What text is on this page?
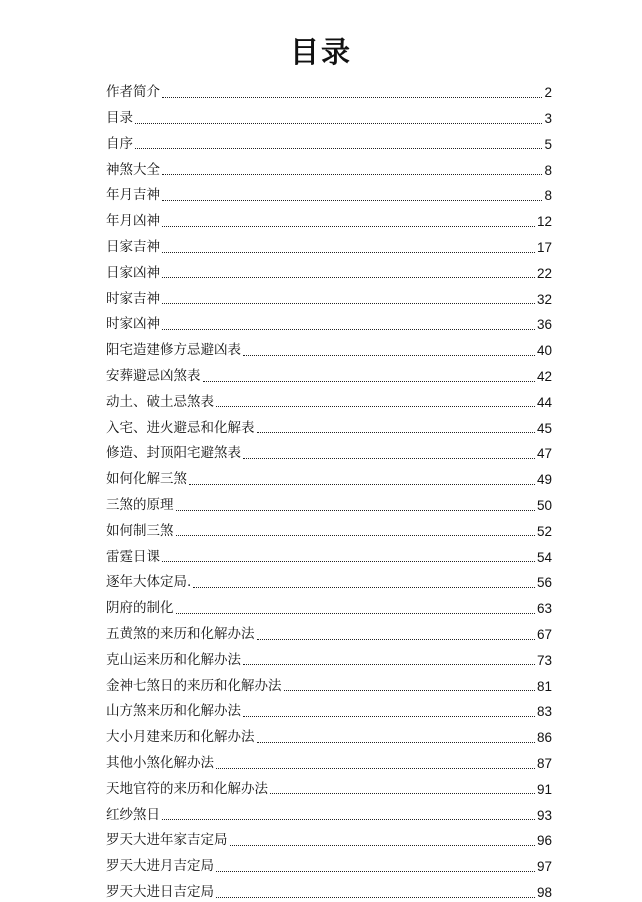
目录
作者简介	2
目录	3
自序	5
神煞大全	8
年月吉神	8
年月凶神	12
日家吉神	17
日家凶神	22
时家吉神	32
时家凶神	36
阳宅造建修方忌避凶表	40
安葬避忌凶煞表	42
动土、破土忌煞表	44
入宅、进火避忌和化解表	45
修造、封顶阳宅避煞表	47
如何化解三煞	49
三煞的原理	50
如何制三煞	52
雷霆日课	54
逐年大体定局.	56
阴府的制化	63
五黄煞的来历和化解办法	67
克山运来历和化解办法	73
金神七煞日的来历和化解办法	81
山方煞来历和化解办法	83
大小月建来历和化解办法	86
其他小煞化解办法	87
天地官符的来历和化解办法	91
红纱煞日	93
罗天大进年家吉定局	96
罗天大进月吉定局	97
罗天大进日吉定局	98
